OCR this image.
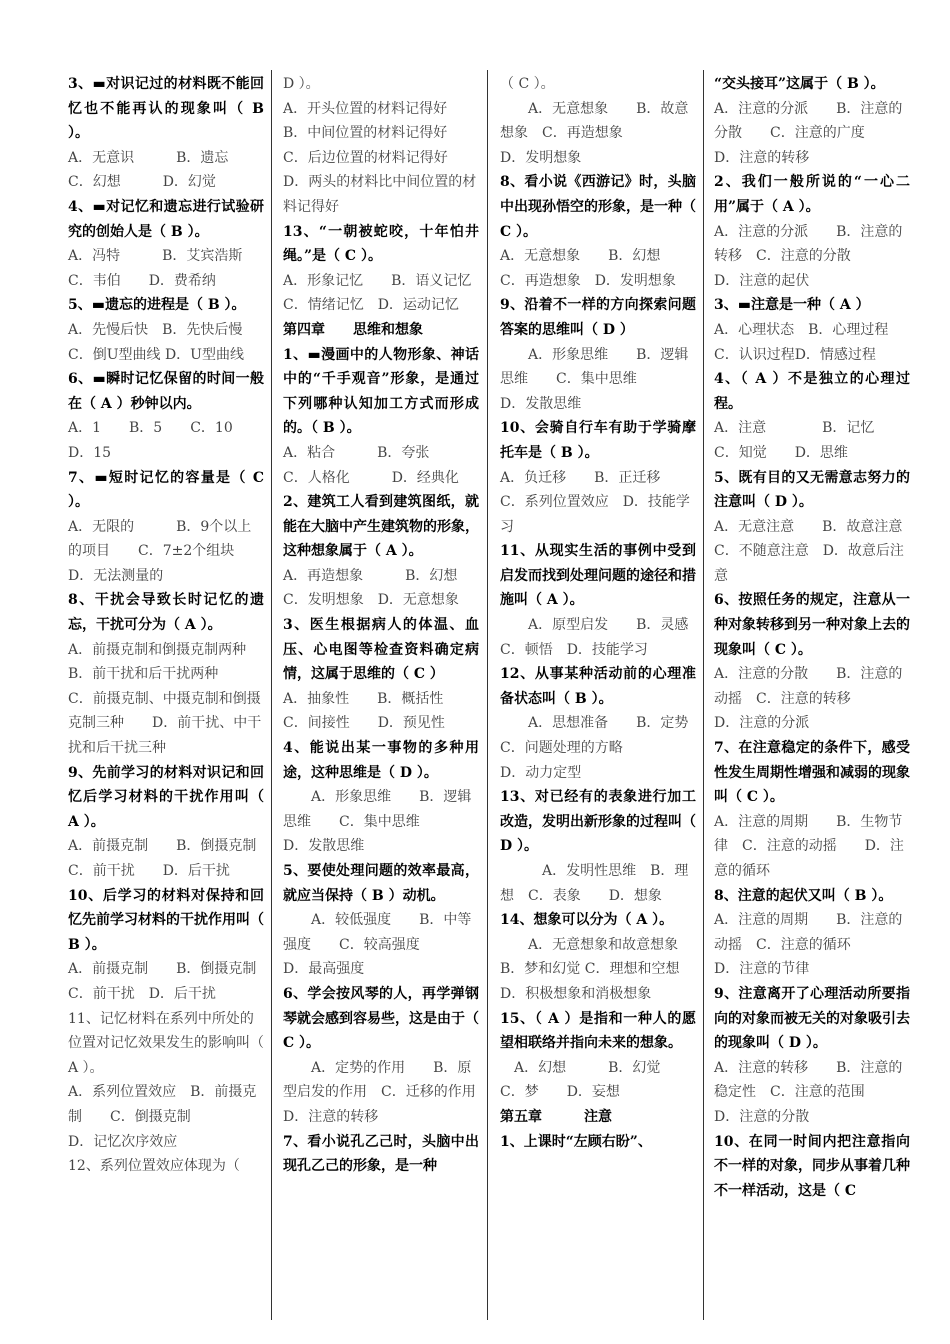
3、▬对识记过的材料既不能回忆也不能再认的现象叫（ B ）。

A．无意识　　　B．遗忘

C．幻想　　　D．幻觉

4、▬对记忆和遗忘进行试验研究的创始人是（ B ）。

A．冯特　　　B．艾宾浩斯

C．韦伯　　D．费希纳

5、▬遗忘的进程是（ B ）。

A．先慢后快　B．先快后慢

C．倒U型曲线 D．U型曲线

6、▬瞬时记忆保留的时间一般在（ A ）秒钟以内。

A．1　　B．5　　C．10

D．15

7、▬短时记忆的容量是（ C ）。

A．无限的　　　B．9个以上的项目　　C．7±2个组块

D．无法测量的

8、干扰会导致长时记忆的遗忘，干扰可分为（ A ）。

A．前摄克制和倒摄克制两种

B．前干扰和后干扰两种

C．前摄克制、中摄克制和倒摄克制三种　　D．前干扰、中干扰和后干扰三种

9、先前学习的材料对识记和回忆后学习材料的干扰作用叫（ A ）。

A．前摄克制　　B．倒摄克制　C．前干扰　　D．后干扰

10、后学习的材料对保持和回忆先前学习材料的干扰作用叫（ B ）。

A．前摄克制　　B．倒摄克制C．前干扰　D．后干扰

11、记忆材料在系列中所处的位置对记忆效果发生的影响叫（ A ）。

A．系列位置效应　B．前摄克制　　C．倒摄克制

D．记忆次序效应

12、系列位置效应体现为（

D ）。

A．开头位置的材料记得好

B．中间位置的材料记得好

C．后边位置的材料记得好

D．两头的材料比中间位置的材料记得好

13、“一朝被蛇咬，十年怕井绳。”是（ C ）。

A．形象记忆　　B．语义记忆　C．情绪记忆　D．运动记忆

第四章　　思维和想象

1、▬漫画中的人物形象、神话中的“千手观音”形象，是通过下列哪种认知加工方式而形成的。（ B ）。

A．粘合　　　B．夸张

C．人格化　　　D．经典化

2、建筑工人看到建筑图纸，就能在大脑中产生建筑物的形象，这种想象属于（ A ）。

A．再造想象　　　B．幻想

C．发明想象　D．无意想象

3、医生根据病人的体温、血压、心电图等检查资料确定病情，这属于思维的（ C ）

A．抽象性　　B．概括性

C．间接性　　D．预见性

4、能说出某一事物的多种用途，这种思维是（ D ）。

　　A．形象思维　　B．逻辑思维　　C．集中思维

D．发散思维

5、要使处理问题的效率最高，就应当保持（ B ）动机。

　　A．较低强度　　B．中等强度　　C．较高强度

D．最高强度

6、学会按风琴的人，再学弹钢琴就会感到容易些，这是由于（ C ）。

　　A．定势的作用　　B．原型启发的作用　C．迁移的作用　D．注意的转移

7、看小说孔乙己时，头脑中出现孔乙己的形象，是一种

（ C ）。

　　A．无意想象　　B．故意想象　C．再造想象

D．发明想象

8、看小说《西游记》时，头脑中出现孙悟空的形象，是一种（ C ）。

A．无意想象　　B．幻想

C．再造想象　D．发明想象

9、沿着不一样的方向探索问题答案的思维叫（ D ）

　　A．形象思维　　B．逻辑思维　　C．集中思维

D．发散思维

10、会骑自行车有助于学骑摩托车是（ B ）。

A．负迁移　　B．正迁移

C．系列位置效应　D．技能学习

11、从现实生活的事例中受到启发而找到处理问题的途径和措施叫（ A ）。

　　A．原型启发　　B．灵感　C．顿悟　D．技能学习

12、从事某种活动前的心理准备状态叫（ B ）。

　　A．思想准备　　B．定势　C．问题处理的方略

D．动力定型

13、对已经有的表象进行加工改造，发明出新形象的过程叫（ D ）。

　　　A．发明性思维　B．理想　C．表象　　D．想象

14、想象可以分为（ A ）。

　　A．无意想象和故意想象

B．梦和幻觉 C．理想和空想

D．积极想象和消极想象

15、（ A ）是指和一种人的愿望相联络并指向未来的想象。

　A．幻想　　　B．幻觉

C．梦　　D．妄想

第五章　　　注意

1、上课时“左顾右盼”、

“交头接耳”这属于（ B ）。

A．注意的分派　　B．注意的分散　　C．注意的广度

D．注意的转移

2、我们一般所说的“一心二用”属于（ A ）。

A．注意的分派　　B．注意的转移　C．注意的分散

D．注意的起伏

3、▬注意是一种（ A ）

A．心理状态　B．心理过程

C．认识过程D．情感过程

4、（ A ）不是独立的心理过程。

A．注意　　　　B．记忆

C．知觉　　D．思维

5、既有目的又无需意志努力的注意叫（ D ）。

A．无意注意　　B．故意注意　C．不随意注意　D．故意后注意

6、按照任务的规定，注意从一种对象转移到另一种对象上去的现象叫（ C ）。

A．注意的分散　　B．注意的动摇　C．注意的转移

D．注意的分派

7、在注意稳定的条件下，感受性发生周期性增强和减弱的现象叫（ C ）。

A．注意的周期　　B．生物节律　C．注意的动摇　　D．注意的循环

8、注意的起伏又叫（ B ）。

A．注意的周期　　B．注意的动摇　C．注意的循环

D．注意的节律

9、注意离开了心理活动所要指向的对象而被无关的对象吸引去的现象叫（ D ）。

A．注意的转移　　B．注意的稳定性　C．注意的范围

D．注意的分散

10、在同一时间内把注意指向不一样的对象，同步从事着几种不一样活动，这是（ C
